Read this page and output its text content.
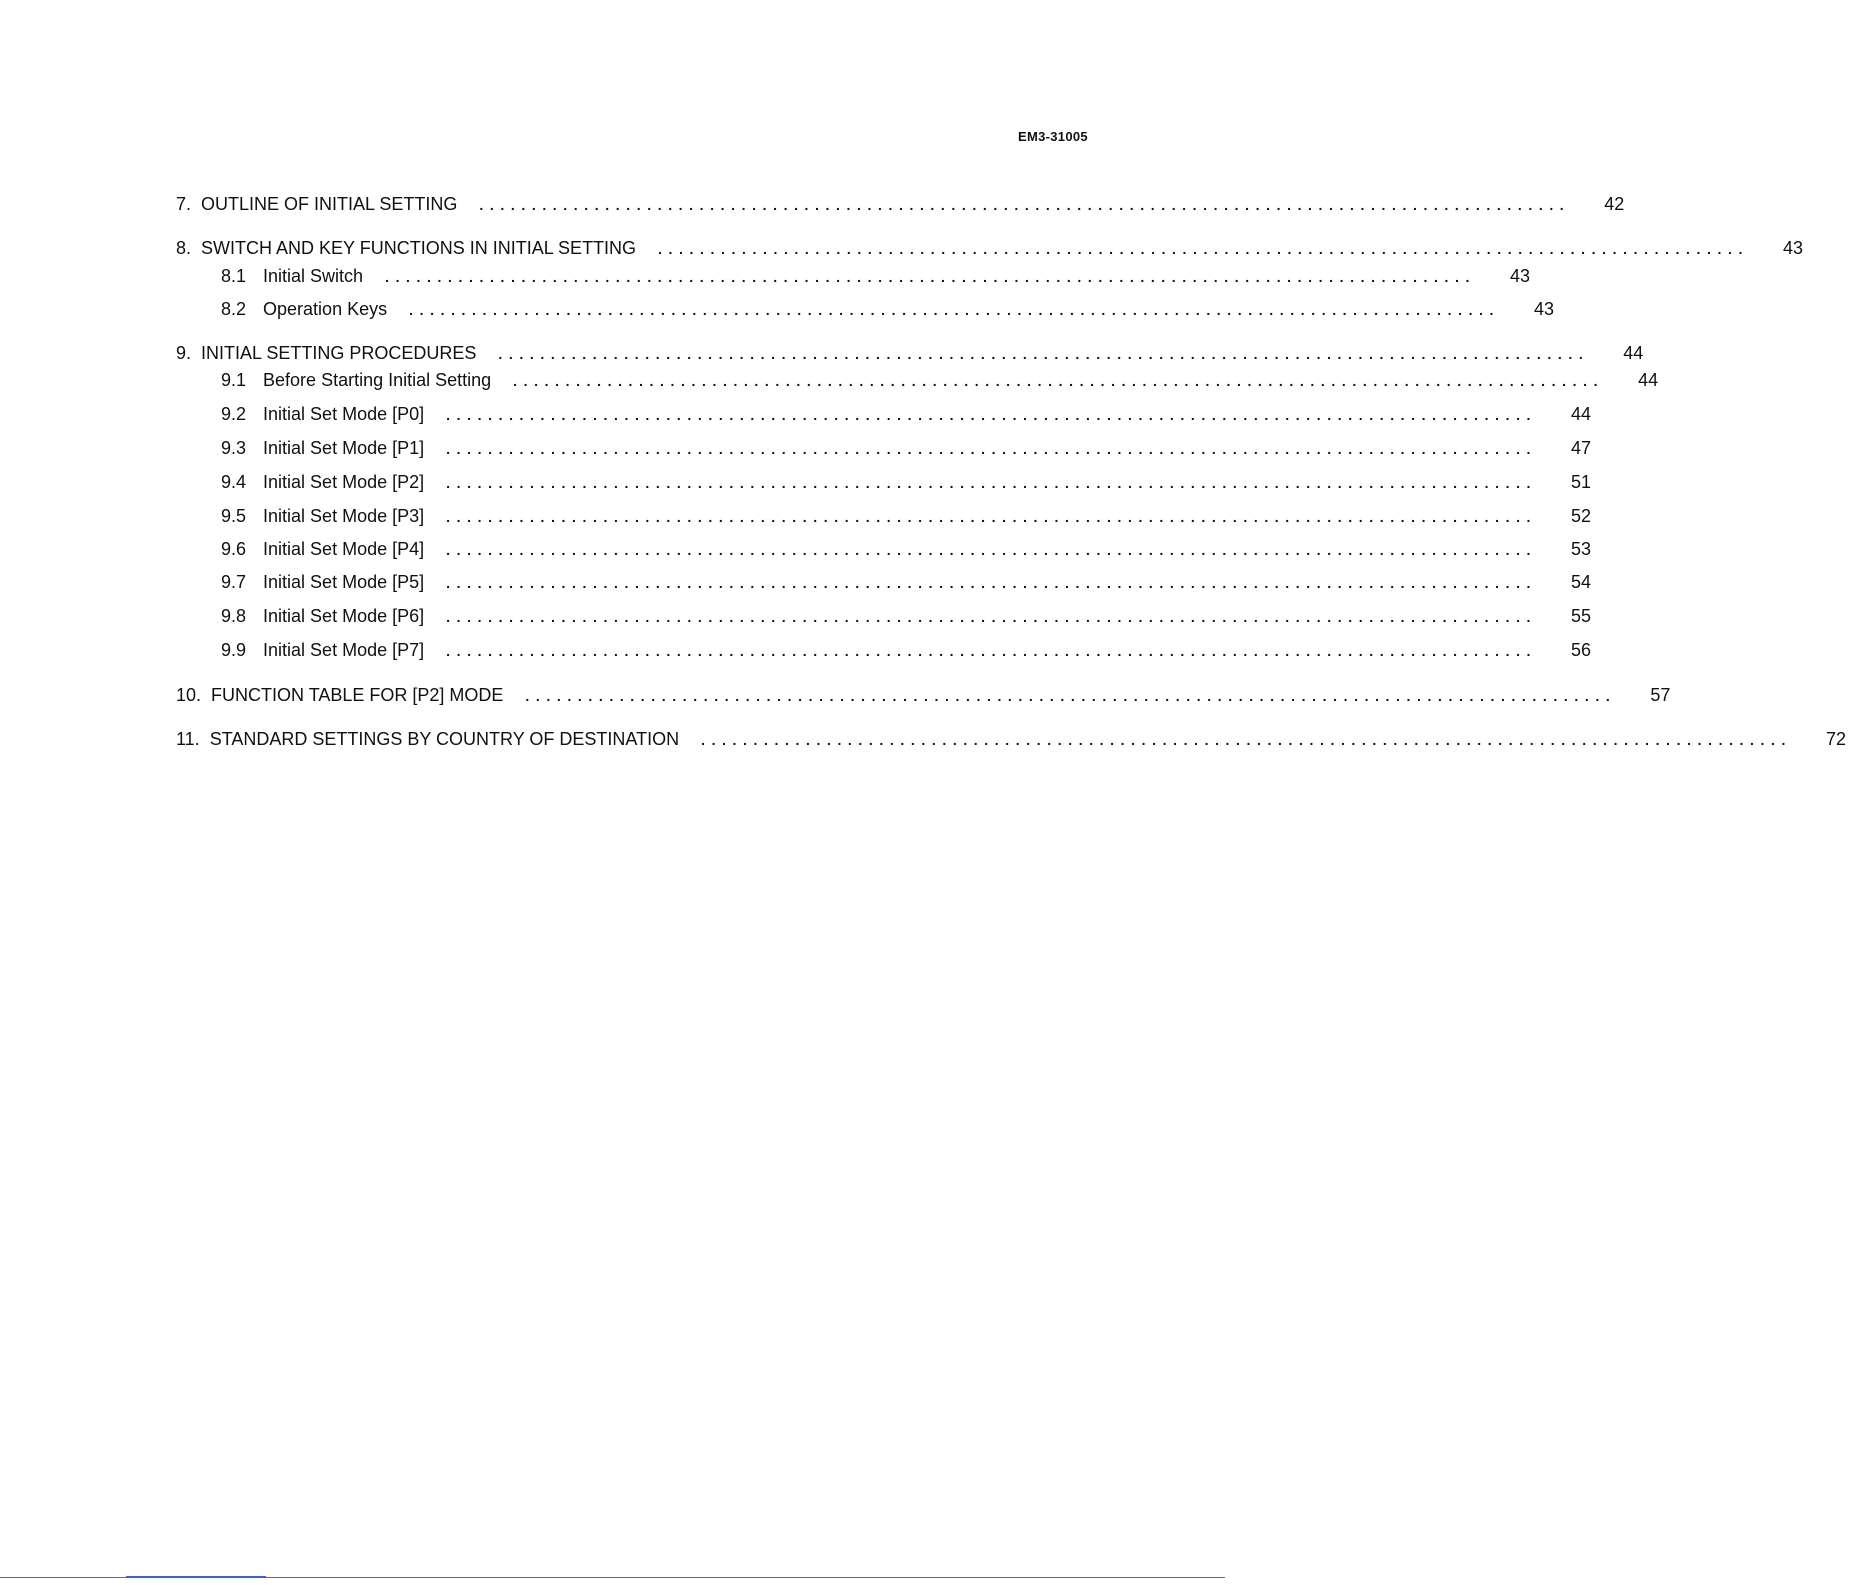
EM3-31005
7. OUTLINE OF INITIAL SETTING ........................................................................................................	42
8. SWITCH AND KEY FUNCTIONS IN INITIAL SETTING ........................................................................................................	43
8.1 Initial Switch ........................................................................................................	43
8.2 Operation Keys ........................................................................................................	43
9. INITIAL SETTING PROCEDURES ........................................................................................................	44
9.1 Before Starting Initial Setting ........................................................................................................	44
9.2 Initial Set Mode [P0] ........................................................................................................	44
9.3 Initial Set Mode [P1] ........................................................................................................	47
9.4 Initial Set Mode [P2] ........................................................................................................	51
9.5 Initial Set Mode [P3] ........................................................................................................	52
9.6 Initial Set Mode [P4] ........................................................................................................	53
9.7 Initial Set Mode [P5] ........................................................................................................	54
9.8 Initial Set Mode [P6] ........................................................................................................	55
9.9 Initial Set Mode [P7] ........................................................................................................	56
10. FUNCTION TABLE FOR [P2] MODE ........................................................................................................	57
11. STANDARD SETTINGS BY COUNTRY OF DESTINATION ........................................................................................................	72
